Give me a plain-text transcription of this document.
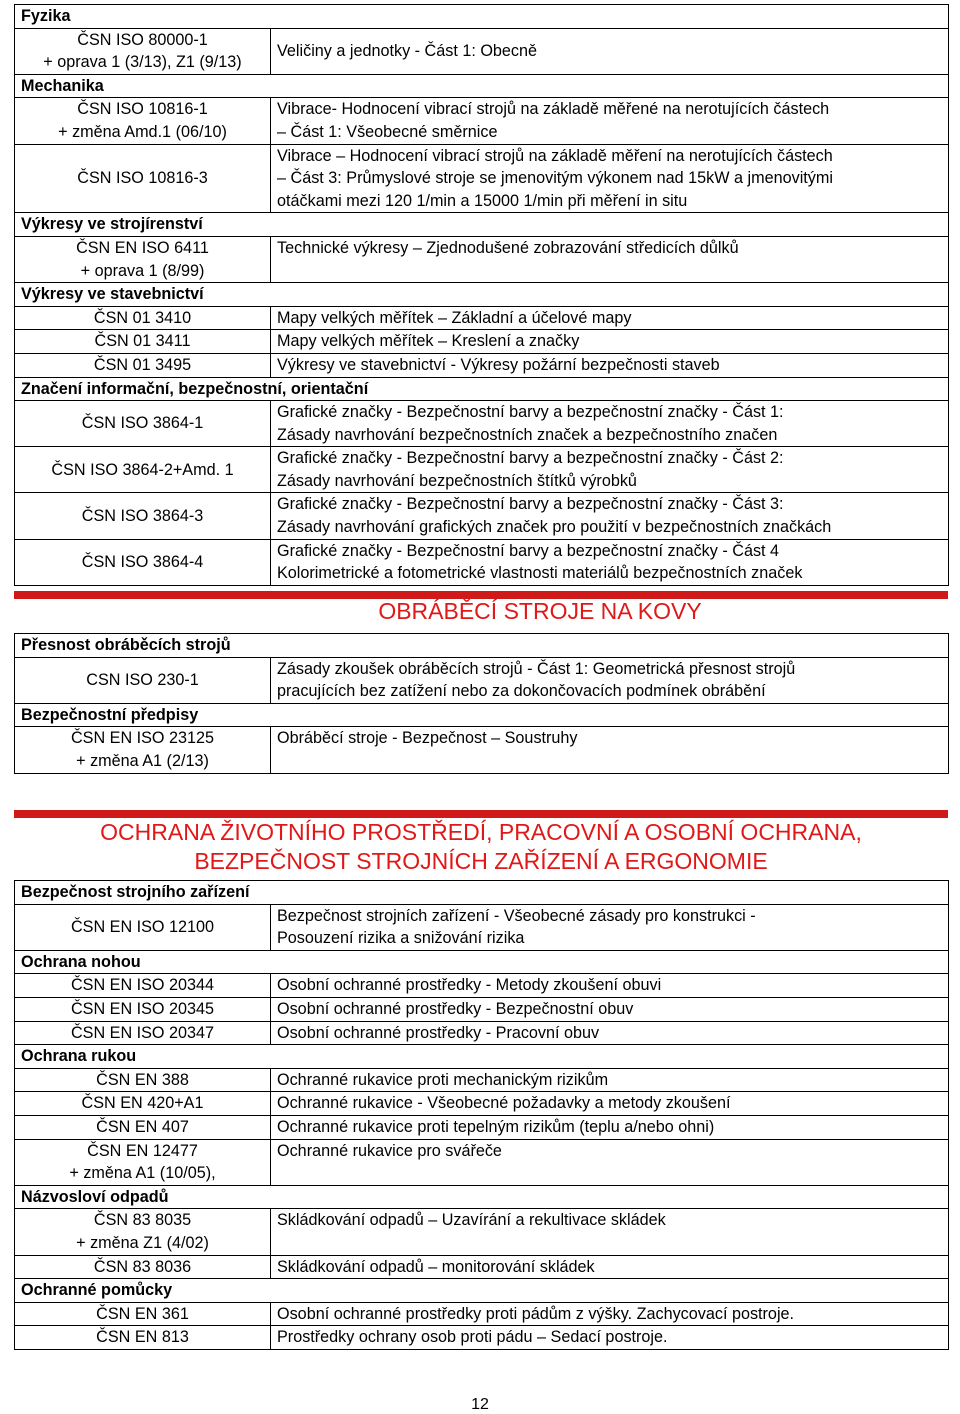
Fyzika	
ČSN ISO 80000-1
+ oprava 1 (3/13), Z1 (9/13)	Veličiny a jednotky - Část 1: Obecně
Mechanika	
ČSN ISO 10816-1
+ změna Amd.1 (06/10)	Vibrace- Hodnocení vibrací strojů na základě měřené na nerotujících částech
– Část 1: Všeobecné směrnice
ČSN ISO 10816-3	Vibrace – Hodnocení vibrací strojů na základě měření na nerotujících částech
– Část 3: Průmyslové stroje se jmenovitým výkonem nad 15kW a jmenovitými
otáčkami mezi 120 1/min a 15000 1/min při měření in situ
Výkresy ve strojírenství	
ČSN EN ISO 6411
+ oprava 1 (8/99)	Technické výkresy – Zjednodušené zobrazování středicích důlků
Výkresy ve stavebnictví	
ČSN 01 3410	Mapy velkých měřítek – Základní a účelové mapy
ČSN 01 3411	Mapy velkých měřítek – Kreslení a značky
ČSN 01 3495	Výkresy ve stavebnictví - Výkresy požární bezpečnosti staveb
Značení informační, bezpečnostní, orientační	
ČSN ISO 3864-1	Grafické značky - Bezpečnostní barvy a bezpečnostní značky - Část 1:
Zásady navrhování bezpečnostních značek a bezpečnostního značen
ČSN ISO 3864-2+Amd. 1	Grafické značky - Bezpečnostní barvy a bezpečnostní značky - Část 2:
Zásady navrhování bezpečnostních štítků výrobků
ČSN ISO 3864-3	Grafické značky - Bezpečnostní barvy a bezpečnostní značky - Část 3:
Zásady navrhování grafických značek pro použití v bezpečnostních značkách
ČSN ISO 3864-4	Grafické značky - Bezpečnostní barvy a bezpečnostní značky - Část 4
Kolorimetrické a fotometrické vlastnosti materiálů bezpečnostních značek
OBRÁBĚCÍ STROJE NA KOVY
Přesnost obráběcích strojů	
CSN ISO 230-1	Zásady zkoušek obráběcích strojů - Část 1: Geometrická přesnost strojů
pracujících bez zatížení nebo za dokončovacích podmínek obrábění
Bezpečnostní předpisy	
ČSN EN ISO 23125
+ změna A1 (2/13)	Obráběcí stroje - Bezpečnost – Soustruhy
OCHRANA ŽIVOTNÍHO PROSTŘEDÍ, PRACOVNÍ A OSOBNÍ OCHRANA,
BEZPEČNOST STROJNÍCH ZAŘÍZENÍ A ERGONOMIE
Bezpečnost strojního zařízení	
ČSN EN ISO 12100	Bezpečnost strojních zařízení - Všeobecné zásady pro konstrukci -
Posouzení rizika a snižování rizika
Ochrana nohou	
ČSN EN ISO 20344	Osobní ochranné prostředky - Metody zkoušení obuvi
ČSN EN ISO 20345	Osobní ochranné prostředky - Bezpečnostní obuv
ČSN EN ISO 20347	Osobní ochranné prostředky - Pracovní obuv
Ochrana rukou	
ČSN EN 388	Ochranné rukavice proti mechanickým rizikům
ČSN EN 420+A1	Ochranné rukavice - Všeobecné požadavky a metody zkoušení
ČSN EN 407	Ochranné rukavice proti tepelným rizikům (teplu a/nebo ohni)
ČSN EN 12477
+ změna A1 (10/05),	Ochranné rukavice pro svářeče
Názvosloví odpadů	
ČSN 83 8035
+ změna Z1 (4/02)	Skládkování odpadů – Uzavírání a rekultivace skládek
ČSN 83 8036	Skládkování odpadů – monitorování skládek
Ochranné pomůcky	
ČSN EN 361	Osobní ochranné prostředky proti pádům z výšky. Zachycovací postroje.
ČSN EN 813	Prostředky ochrany osob proti pádu – Sedací postroje.
12
